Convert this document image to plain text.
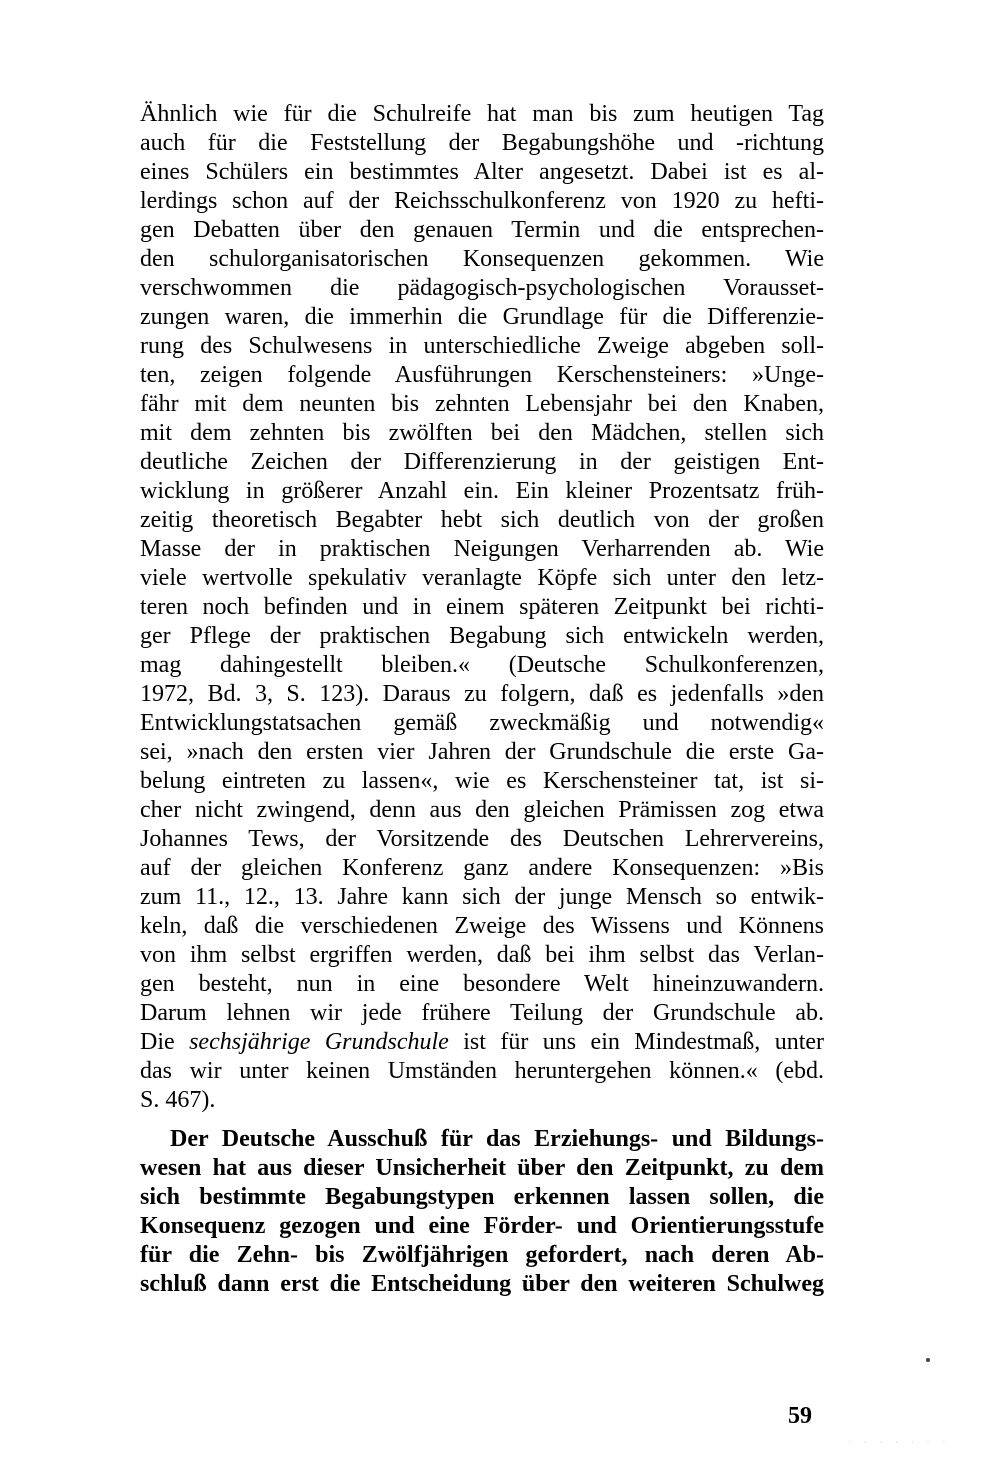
Ähnlich wie für die Schulreife hat man bis zum heutigen Tag
auch für die Feststellung der Begabungshöhe und -richtung
eines Schülers ein bestimmtes Alter angesetzt. Dabei ist es al-
lerdings schon auf der Reichsschulkonferenz von 1920 zu hefti-
gen Debatten über den genauen Termin und die entsprechen-
den schulorganisatorischen Konsequenzen gekommen. Wie
verschwommen die pädagogisch-psychologischen Vorausset-
zungen waren, die immerhin die Grundlage für die Differenzie-
rung des Schulwesens in unterschiedliche Zweige abgeben soll-
ten, zeigen folgende Ausführungen Kerschensteiners: »Unge-
fähr mit dem neunten bis zehnten Lebensjahr bei den Knaben,
mit dem zehnten bis zwölften bei den Mädchen, stellen sich
deutliche Zeichen der Differenzierung in der geistigen Ent-
wicklung in größerer Anzahl ein. Ein kleiner Prozentsatz früh-
zeitig theoretisch Begabter hebt sich deutlich von der großen
Masse der in praktischen Neigungen Verharrenden ab. Wie
viele wertvolle spekulativ veranlagte Köpfe sich unter den letz-
teren noch befinden und in einem späteren Zeitpunkt bei richti-
ger Pflege der praktischen Begabung sich entwickeln werden,
mag dahingestellt bleiben.« (Deutsche Schulkonferenzen,
1972, Bd. 3, S. 123). Daraus zu folgern, daß es jedenfalls »den
Entwicklungstatsachen gemäß zweckmäßig und notwendig«
sei, »nach den ersten vier Jahren der Grundschule die erste Ga-
belung eintreten zu lassen«, wie es Kerschensteiner tat, ist si-
cher nicht zwingend, denn aus den gleichen Prämissen zog etwa
Johannes Tews, der Vorsitzende des Deutschen Lehrervereins,
auf der gleichen Konferenz ganz andere Konsequenzen: »Bis
zum 11., 12., 13. Jahre kann sich der junge Mensch so entwik-
keln, daß die verschiedenen Zweige des Wissens und Könnens
von ihm selbst ergriffen werden, daß bei ihm selbst das Verlan-
gen besteht, nun in eine besondere Welt hineinzuwandern.
Darum lehnen wir jede frühere Teilung der Grundschule ab.
Die sechsjährige Grundschule ist für uns ein Mindestmaß, unter
das wir unter keinen Umständen heruntergehen können.« (ebd.
S. 467).
Der Deutsche Ausschuß für das Erziehungs- und Bildungs-
wesen hat aus dieser Unsicherheit über den Zeitpunkt, zu dem
sich bestimmte Begabungstypen erkennen lassen sollen, die
Konsequenz gezogen und eine Förder- und Orientierungsstufe
für die Zehn- bis Zwölfjährigen gefordert, nach deren Ab-
schluß dann erst die Entscheidung über den weiteren Schulweg
59
· · · · · · ·
